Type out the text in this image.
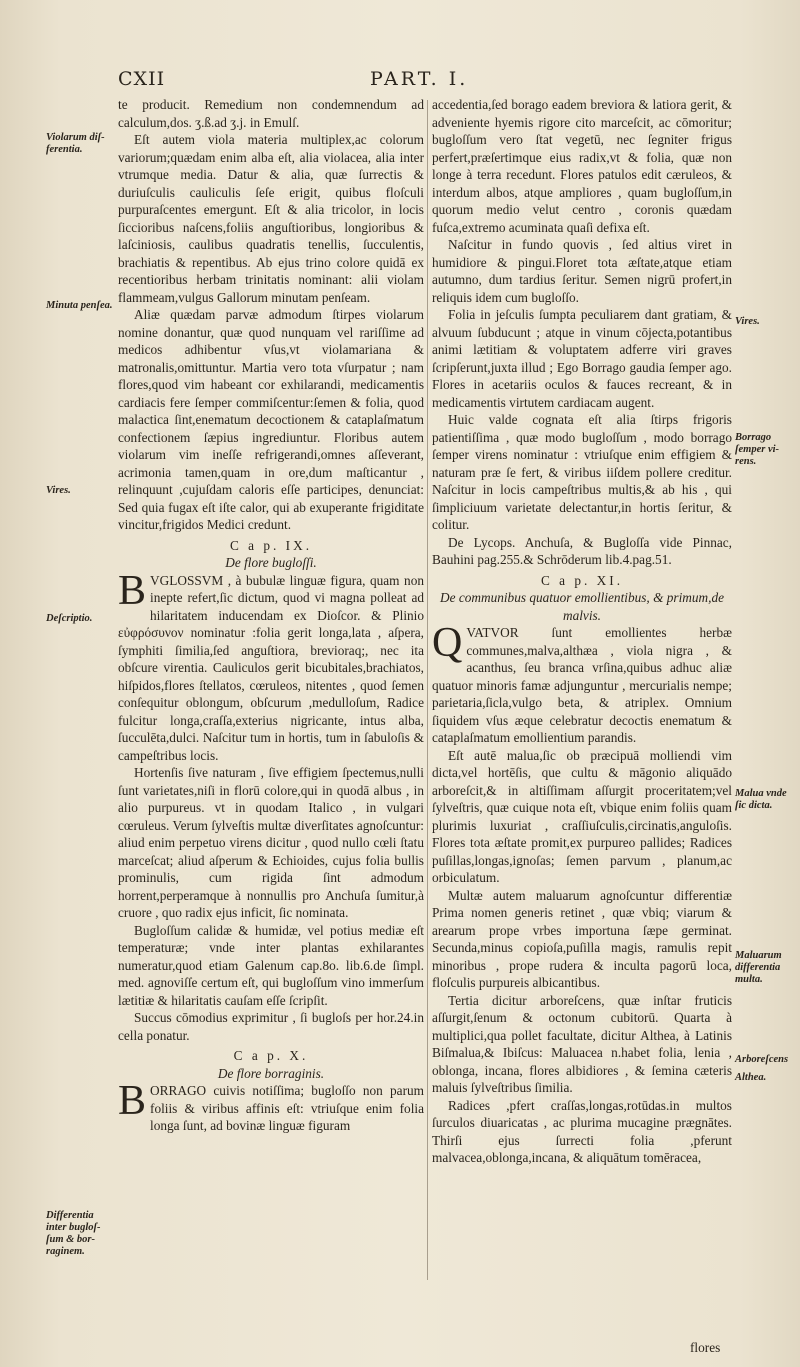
CXII	PART. I.

te producit. Remedium non condemnendum ad calculum,dos. ʒ.ß.ad ʒ.j. in Emulſ.

Eſt autem viola materia multiplex,ac colorum variorum;quædam enim alba eſt, alia violacea, alia inter vtrumque media. Datur & alia, quæ ſurrectis & duriuſculis cauliculis ſeſe erigit, quibus floſculi purpuraſcentes emergunt. Eſt & alia tricolor, in locis ſiccioribus naſcens,foliis anguſtioribus, longioribus & laſciniosis, caulibus quadratis tenellis, ſucculentis, brachiatis & repentibus. Ab ejus trino colore quidā ex recentioribus herbam trinitatis nominant: alii violam flammeam,vulgus Gallorum minutam penſeam.

Aliæ quædam parvæ admodum ſtirpes violarum nomine donantur, quæ quod nunquam vel rariſſime ad medicos adhibentur vſus,vt violamariana & matronalis,omittuntur. Martia vero tota vſurpatur ; nam flores,quod vim habeant cor exhilarandi, medicamentis cardiacis fere ſemper commiſcentur:ſemen & folia, quod malactica ſint,enematum decoctionem & cataplaſmatum confectionem ſæpius ingrediuntur. Floribus autem violarum vim ineſſe refrigerandi,omnes aſſeverant, acrimonia tamen,quam in ore,dum maſticantur , relinquunt ,cujuſdam caloris eſſe participes, denunciat: Sed quia fugax eſt iſte calor, qui ab exuperante frigiditate vincitur,frigidos Medici credunt.

C a p. IX.
De flore bugloſſi.

BVGLOSSVM , à bubulæ linguæ figura, quam non inepte refert,ſic dictum, quod vi magna polleat ad hilaritatem inducendam ex Dioſcor. & Plinio εὐφρόσυνον nominatur :folia gerit longa,lata , aſpera, ſymphiti ſimilia,ſed anguſtiora, brevioraq;, nec ita obſcure virentia. Cauliculos gerit bicubitales,brachiatos, hiſpidos,flores ſtellatos, cœruleos, nitentes , quod ſemen conſequitur oblongum, obſcurum ,medulloſum, Radice fulcitur longa,craſſa,exterius nigricante, intus alba, ſucculēta,dulci. Naſcitur tum in hortis, tum in ſabuloſis & campeſtribus locis.

Hortenſis ſive naturam , ſive effigiem ſpectemus,nulli ſunt varietates,niſi in florū colore,qui in quodā albus , in alio purpureus. vt in quodam Italico , in vulgari cœruleus. Verum ſylveſtis multæ diverſitates agnoſcuntur: aliud enim perpetuo virens dicitur , quod nullo cœli ſtatu marceſcat; aliud aſperum & Echioides, cujus folia bullis prominulis, cum rigida ſint admodum horrent,perperamque à nonnullis pro Anchuſa ſumitur,à cruore , quo radix ejus inficit, ſic nominata.

Bugloſſum calidæ & humidæ, vel potius mediæ eſt temperaturæ; vnde inter plantas exhilarantes numeratur,quod etiam Galenum cap.8o. lib.6.de ſimpl. med. agnoviſſe certum eſt, qui bugloſſum vino immerſum lætitiæ & hilaritatis cauſam eſſe ſcripſit.

Succus cōmodius exprimitur , ſi bugloſs per hor.24.in cella ponatur.

C a p. X.
De flore borraginis.

BORRAGO cuivis notiſſima; bugloſſo non parum foliis & viribus affinis eſt: vtriuſque enim folia longa ſunt, ad bovinæ linguæ figuram

accedentia,ſed borago eadem breviora & latiora gerit, & adveniente hyemis rigore cito marceſcit, ac cōmoritur; bugloſſum vero ſtat vegetū, nec ſegniter frigus perfert,præſertimque eius radix,vt & folia, quæ non longe à terra recedunt. Flores patulos edit cæruleos, & interdum albos, atque ampliores , quam bugloſſum,in quorum medio velut centro , coronis quædam fuſca,extremo acuminata quaſi defixa eſt.

Naſcitur in fundo quovis , ſed altius viret in humidiore & pingui.Floret tota æſtate,atque etiam autumno, dum tardius ſeritur. Semen nigrū profert,in reliquis idem cum bugloſſo.

Folia in jeſculis ſumpta peculiarem dant gratiam, & alvuum ſubducunt ; atque in vinum cōjecta,potantibus animi lætitiam & voluptatem adferre viri graves ſcripſerunt,juxta illud ; Ego Borrago gaudia ſemper ago. Flores in acetariis oculos & fauces recreant, & in medicamentis virtutem cardiacam augent.

Huic valde cognata eſt alia ſtirps frigoris patientiſſima , quæ modo bugloſſum , modo borrago ſemper virens nominatur : vtriuſque enim effigiem & naturam præ ſe fert, & viribus iiſdem pollere creditur. Naſcitur in locis campeſtribus multis,& ab his , qui ſimpliciuum varietate delectantur,in hortis ſeritur, & colitur.

De Lycops. Anchuſa, & Bugloſſa vide Pinnac, Bauhini pag.255.& Schrōderum lib.4.pag.51.

C a p. XI.
De communibus quatuor emollientibus, & primum,de malvis.

QVATVOR ſunt emollientes herbæ communes,malva,althæa , viola nigra , & acanthus, ſeu branca vrſina,quibus adhuc aliæ quatuor minoris famæ adjunguntur , mercurialis nempe; parietaria,ſicla,vulgo beta, & atriplex. Omnium ſiquidem vſus æque celebratur decoctis enematum & cataplaſmatum emollientium parandis.

Eſt autē malua,ſic ob præcipuā molliendi vim dicta,vel hortēſis, que cultu & māgonio aliquādo arboreſcit,& in altiſſimam aſſurgit proceritatem;vel ſylveſtris, quæ cuique nota eſt, vbique enim foliis quam plurimis luxuriat , craſſiuſculis,circinatis,anguloſis. Flores tota æſtate promit,ex purpureo pallides; Radices puſillas,longas,ignoſas; ſemen parvum , planum,ac orbiculatum.

Multæ autem maluarum agnoſcuntur differentiæ Prima nomen generis retinet , quæ vbiq; viarum & arearum prope vrbes importuna ſæpe germinat. Secunda,minus copioſa,puſilla magis, ramulis repit minoribus , prope rudera & inculta pagorū loca, floſculis purpureis albicantibus.

Tertia dicitur arboreſcens, quæ inſtar fruticis aſſurgit,ſenum & octonum cubitorū. Quarta à multiplici,qua pollet facultate, dicitur Althea, à Latinis Biſmalua,& Ibiſcus: Maluacea n.habet folia, lenia , oblonga, incana, flores albidiores , & ſemina cæteris maluis ſylveſtribus ſimilia.

Radices ,pfert craſſas,longas,rotūdas.in multos ſurculos diuaricatas , ac plurima mucagine prægnātes. Thirſi ejus ſurrecti folia ,pferunt malvacea,oblonga,incana, & aliquātum tomēracea,

Violarum diſ- ferentia.
Minuta penſea.
Vires.
Deſcriptio.
Differentia inter bugloſ- ſum & bor- raginem.
Vires.
Borrago ſemper vi- rens.
Malua vnde ſic dicta.
Maluarum differentia multa.
Arboreſcens
Althea.
flores
